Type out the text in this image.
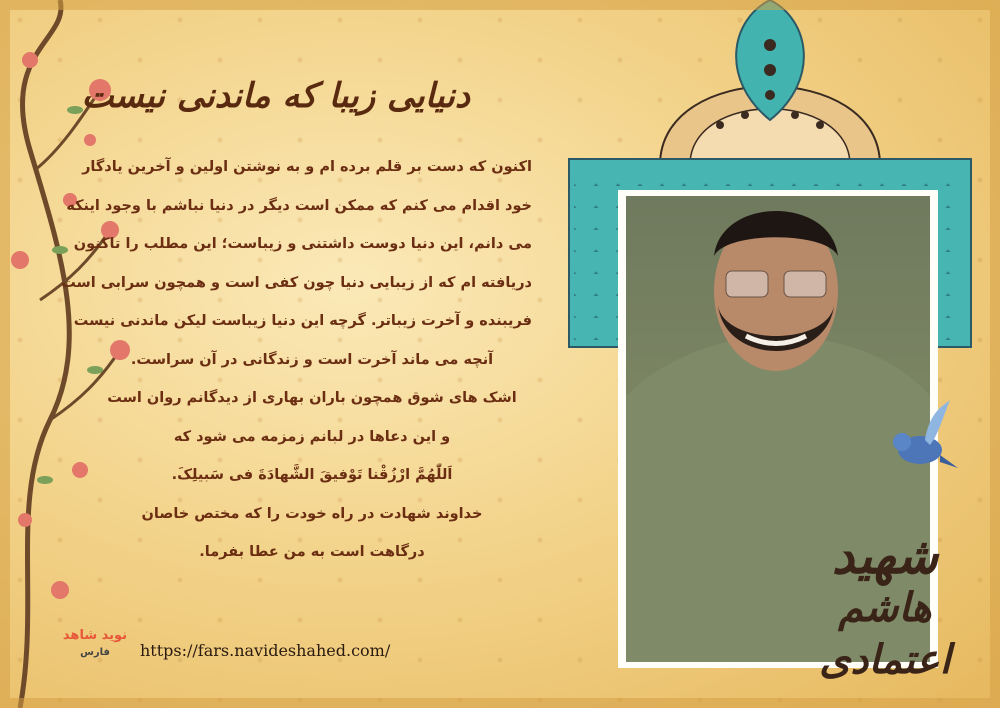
دنیایی زیبا که ماندنی نیست
اکنون که دست بر قلم برده ام و به نوشتن اولین و آخرین یادگار
خود اقدام می کنم که ممکن است دیگر در دنیا نباشم با وجود اینکه
می دانم، این دنیا دوست داشتنی و زیباست؛ این مطلب را تاکنون
دریافته ام که از زیبایی دنیا چون کفی است و همچون سرابی است
فریبنده و آخرت زیباتر. گرچه این دنیا زیباست لیکن ماندنی نیست
آنچه می ماند آخرت است و زندگانی در آن سراست.
اشک های شوق همچون باران بهاری از دیدگانم روان است
و این دعاها در لبانم زمزمه می شود که
اَللّٰهُمَّ ارْزُقْنا تَوْفیقَ الشَّهادَةَ فی سَبیلِکَ.
خداوند شهادت در راه خودت را که مختص خاصان
درگاهت است به من عطا بفرما.
نوید شاهد
فارس	https://fars.navideshahed.com/
شهید
هاشم اعتمادی
